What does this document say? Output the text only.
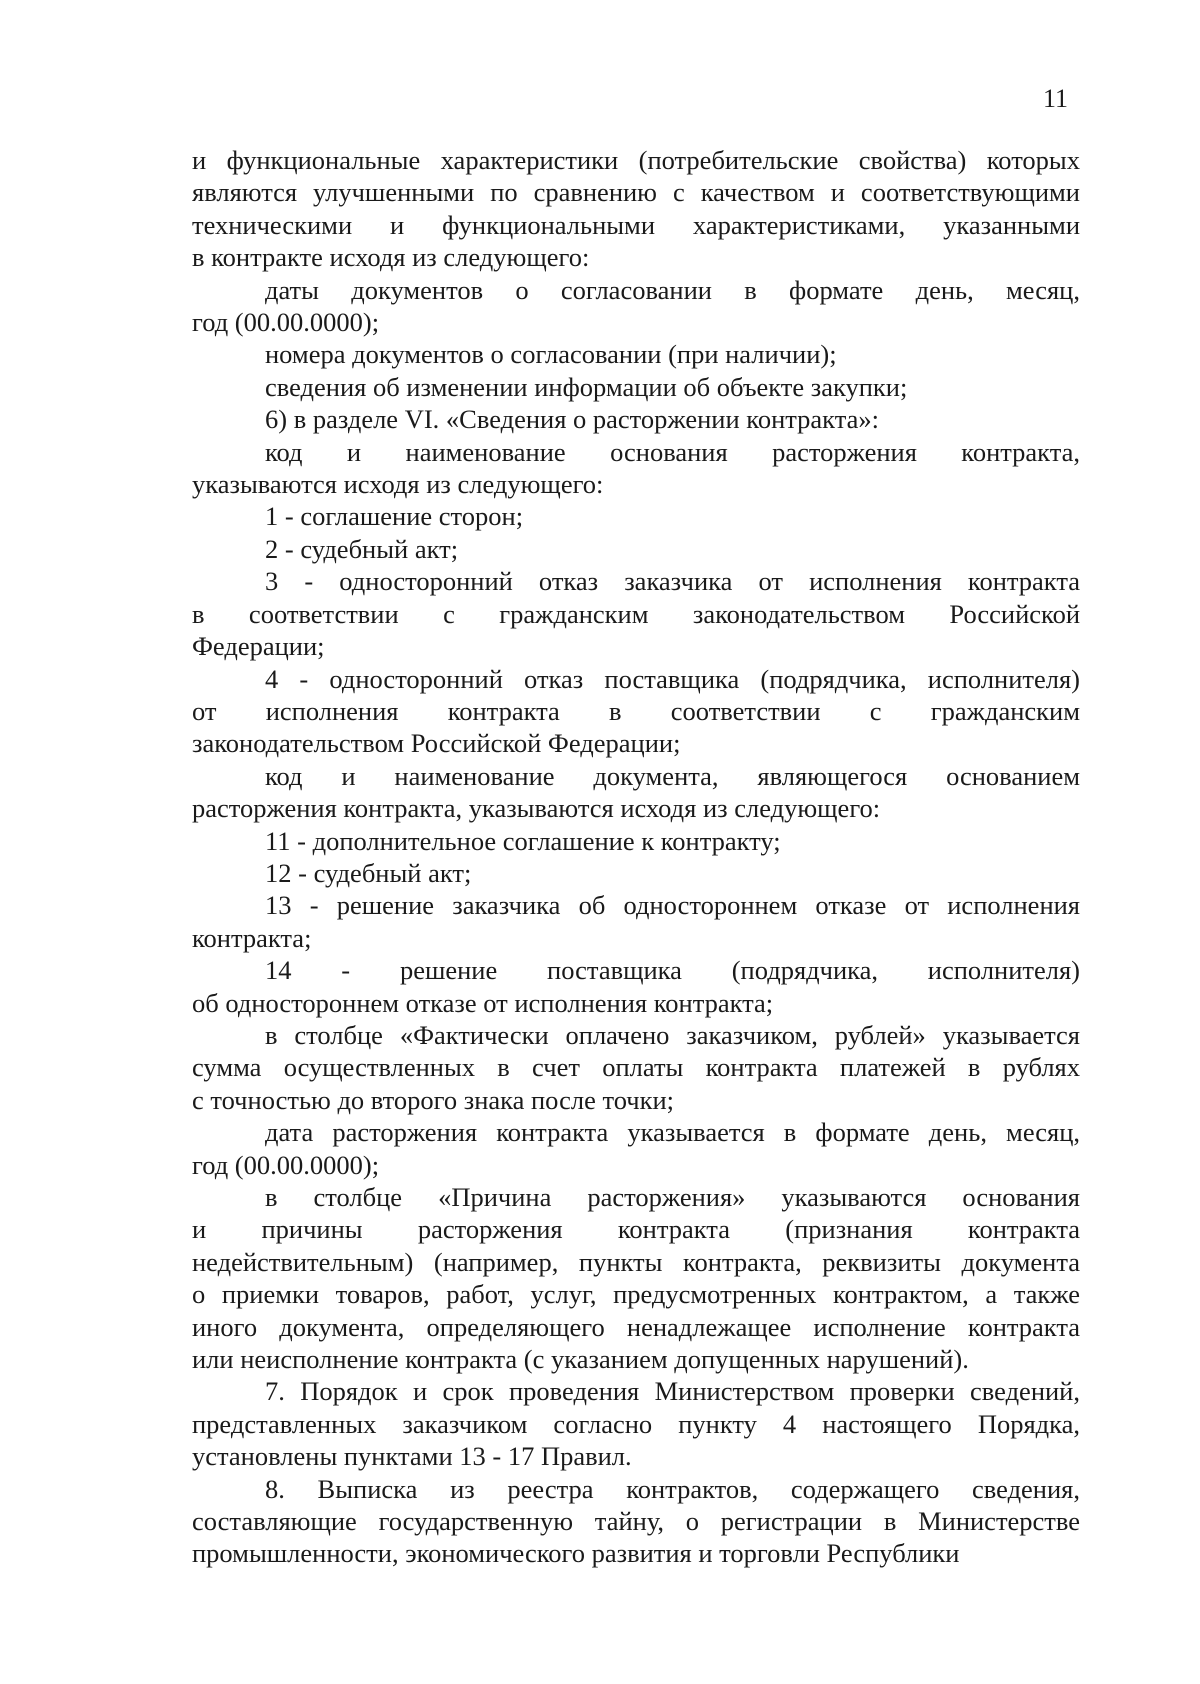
11
и функциональные характеристики (потребительские свойства) которых
являются улучшенными по сравнению с качеством и соответствующими
техническими и функциональными характеристиками, указанными
в контракте исходя из следующего:
даты документов о согласовании в формате день, месяц,
год (00.00.0000);
номера документов о согласовании (при наличии);
сведения об изменении информации об объекте закупки;
6) в разделе VI. «Сведения о расторжении контракта»:
код и наименование основания расторжения контракта,
указываются исходя из следующего:
1 - соглашение сторон;
2 - судебный акт;
3 - односторонний отказ заказчика от исполнения контракта
в соответствии с гражданским законодательством Российской
Федерации;
4 - односторонний отказ поставщика (подрядчика, исполнителя)
от исполнения контракта в соответствии с гражданским
законодательством Российской Федерации;
код и наименование документа, являющегося основанием
расторжения контракта, указываются исходя из следующего:
11 - дополнительное соглашение к контракту;
12 - судебный акт;
13 - решение заказчика об одностороннем отказе от исполнения
контракта;
14 - решение поставщика (подрядчика, исполнителя)
об одностороннем отказе от исполнения контракта;
в столбце «Фактически оплачено заказчиком, рублей» указывается
сумма осуществленных в счет оплаты контракта платежей в рублях
с точностью до второго знака после точки;
дата расторжения контракта указывается в формате день, месяц,
год (00.00.0000);
в столбце «Причина расторжения» указываются основания
и причины расторжения контракта (признания контракта
недействительным) (например, пункты контракта, реквизиты документа
о приемки товаров, работ, услуг, предусмотренных контрактом, а также
иного документа, определяющего ненадлежащее исполнение контракта
или неисполнение контракта (с указанием допущенных нарушений).
7. Порядок и срок проведения Министерством проверки сведений,
представленных заказчиком согласно пункту 4 настоящего Порядка,
установлены пунктами 13 - 17 Правил.
8. Выписка из реестра контрактов, содержащего сведения,
составляющие государственную тайну, о регистрации в Министерстве
промышленности, экономического развития и торговли Республики
